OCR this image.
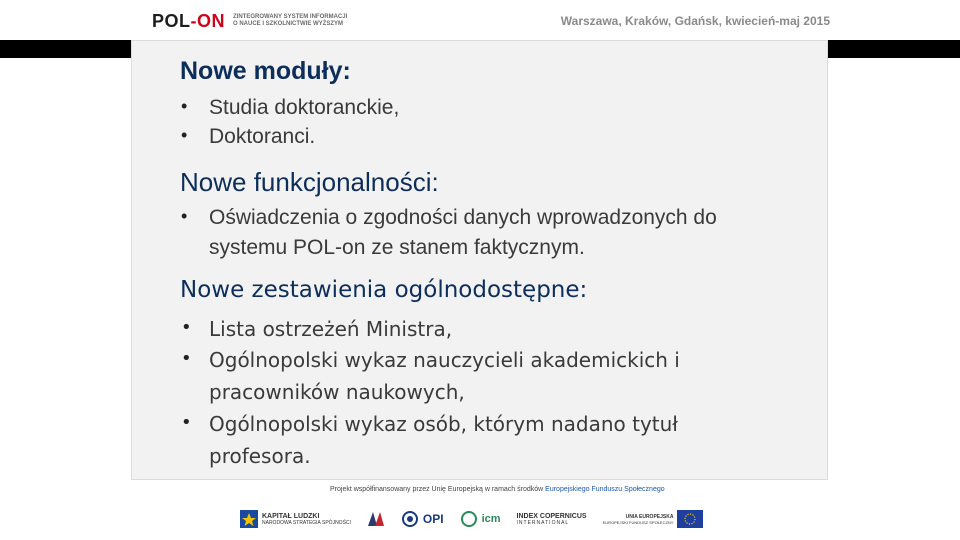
POL-ON ZINTEGROWANY SYSTEM INFORMACJI
O NAUCE I SZKOLNICTWIE WYŻSZYM	Warszawa, Kraków, Gdańsk, kwiecień-maj 2015
Nowe moduły:
• Studia doktoranckie,
• Doktoranci.
Nowe funkcjonalności:
• Oświadczenia o zgodności danych wprowadzonych do
systemu POL-on ze stanem faktycznym.
Nowe zestawienia ogólnodostępne:
• Lista ostrzeżeń Ministra,
• Ogólnopolski wykaz nauczycieli akademickich i
pracowników naukowych,
• Ogólnopolski wykaz osób, którym nadano tytuł
profesora.
Projekt współfinansowany przez Unię Europejską w ramach środków Europejskiego Funduszu Społecznego
KAPITAŁ LUDZKI
NARODOWA STRATEGIA SPÓJNOŚCI	OPI	icm INDEX COPERNICUS
INTERNATIONAL
UNIA EUROPEJSKA
EUROPEJSKI FUNDUSZ SPOŁECZNY
